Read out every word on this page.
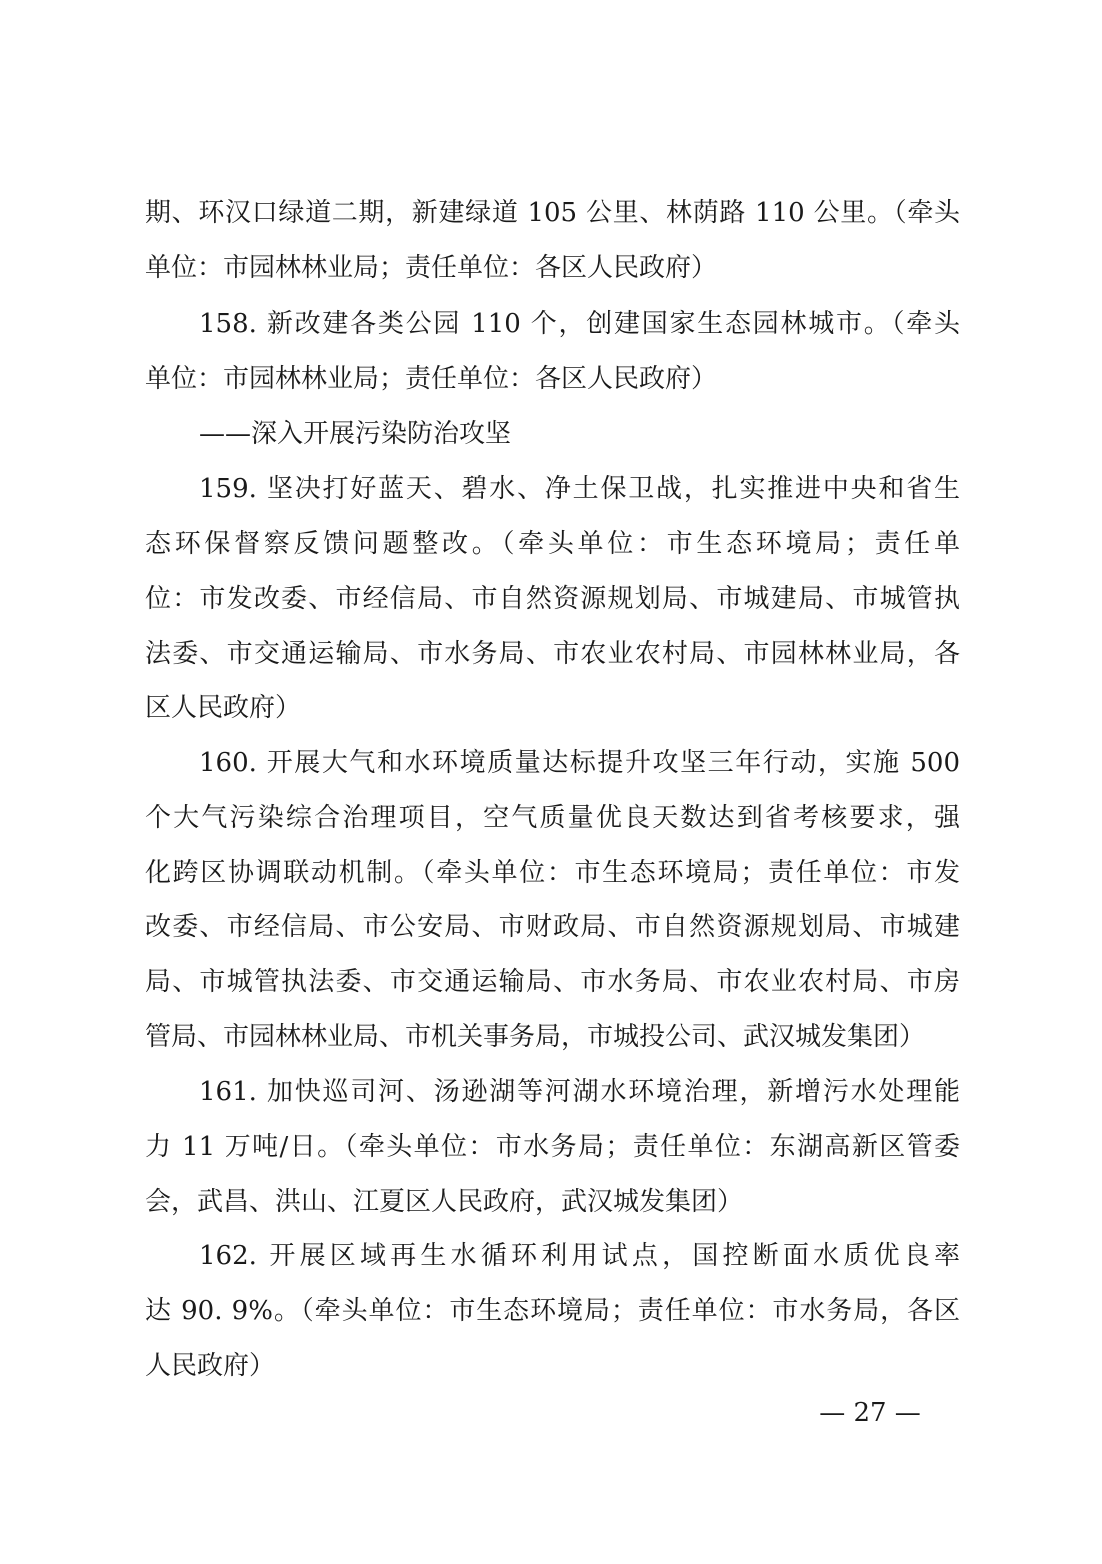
期、环汉口绿道二期，新建绿道 105 公里、林荫路 110 公里。（牵头
单位：市园林林业局；责任单位：各区人民政府）
158. 新改建各类公园 110 个，创建国家生态园林城市。（牵头
单位：市园林林业局；责任单位：各区人民政府）
——深入开展污染防治攻坚
159. 坚决打好蓝天、碧水、净土保卫战，扎实推进中央和省生
态环保督察反馈问题整改。（牵头单位：市生态环境局；责任单
位：市发改委、市经信局、市自然资源规划局、市城建局、市城管执
法委、市交通运输局、市水务局、市农业农村局、市园林林业局，各
区人民政府）
160. 开展大气和水环境质量达标提升攻坚三年行动，实施 500
个大气污染综合治理项目，空气质量优良天数达到省考核要求，强
化跨区协调联动机制。（牵头单位：市生态环境局；责任单位：市发
改委、市经信局、市公安局、市财政局、市自然资源规划局、市城建
局、市城管执法委、市交通运输局、市水务局、市农业农村局、市房
管局、市园林林业局、市机关事务局，市城投公司、武汉城发集团）
161. 加快巡司河、汤逊湖等河湖水环境治理，新增污水处理能
力 11 万吨/日。（牵头单位：市水务局；责任单位：东湖高新区管委
会，武昌、洪山、江夏区人民政府，武汉城发集团）
162. 开展区域再生水循环利用试点，国控断面水质优良率
达 90. 9%。（牵头单位：市生态环境局；责任单位：市水务局，各区
人民政府）
— 27 —
